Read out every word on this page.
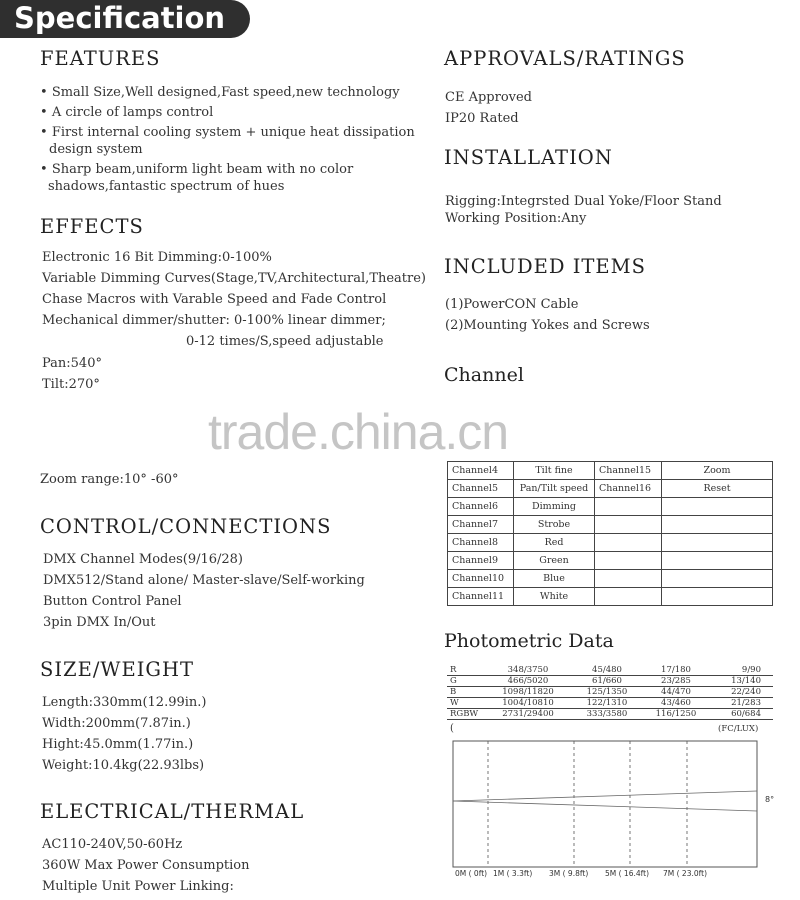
​
Specification
FEATURES
• Small Size,Well designed,Fast speed,new technology
• A circle of lamps control
• First internal cooling system + unique heat dissipation
design system
• Sharp beam,uniform light beam with no color
shadows,fantastic spectrum of hues
EFFECTS
Electronic 16 Bit Dimming:0-100%
Variable Dimming Curves(Stage,TV,Architectural,Theatre)
Chase Macros with Varable Speed and Fade Control
Mechanical dimmer/shutter: 0-100% linear dimmer;
0-12 times/S,speed adjustable
Pan:540°
Tilt:270°
Zoom range:10° -60°
CONTROL/CONNECTIONS
DMX Channel Modes(9/16/28)
DMX512/Stand alone/ Master-slave/Self-working
Button Control Panel
3pin DMX In/Out
SIZE/WEIGHT
Length:330mm(12.99in.)
Width:200mm(7.87in.)
Hight:45.0mm(1.77in.)
Weight:10.4kg(22.93lbs)
ELECTRICAL/THERMAL
AC110-240V,50-60Hz
360W Max Power Consumption
Multiple Unit Power Linking:
APPROVALS/RATINGS
CE Approved
IP20 Rated
INSTALLATION
Rigging:Integrsted Dual Yoke/Floor Stand
Working Position:Any
INCLUDED ITEMS
(1)PowerCON Cable
(2)Mounting Yokes and Screws
Channel
Channel4	Tilt fine	Channel15	Zoom
Channel5	Pan/Tilt speed	Channel16	Reset
Channel6	Dimming		
Channel7	Strobe		
Channel8	Red		
Channel9	Green		
Channel10	Blue		
Channel11	White		
trade.china.cn
Photometric Data
R	348/3750	45/480	17/180	9/90
G	466/5020	61/660	23/285	13/140
B	1098/11820	125/1350	44/470	22/240
W	1004/10810	122/1310	43/460	21/283
RGBW	2731/29400	333/3580	116/1250	60/684
(	(FC/LUX)
8°
0M ( 0ft) 1M ( 3.3ft) 3M ( 9.8ft) 5M ( 16.4ft) 7M ( 23.0ft)
